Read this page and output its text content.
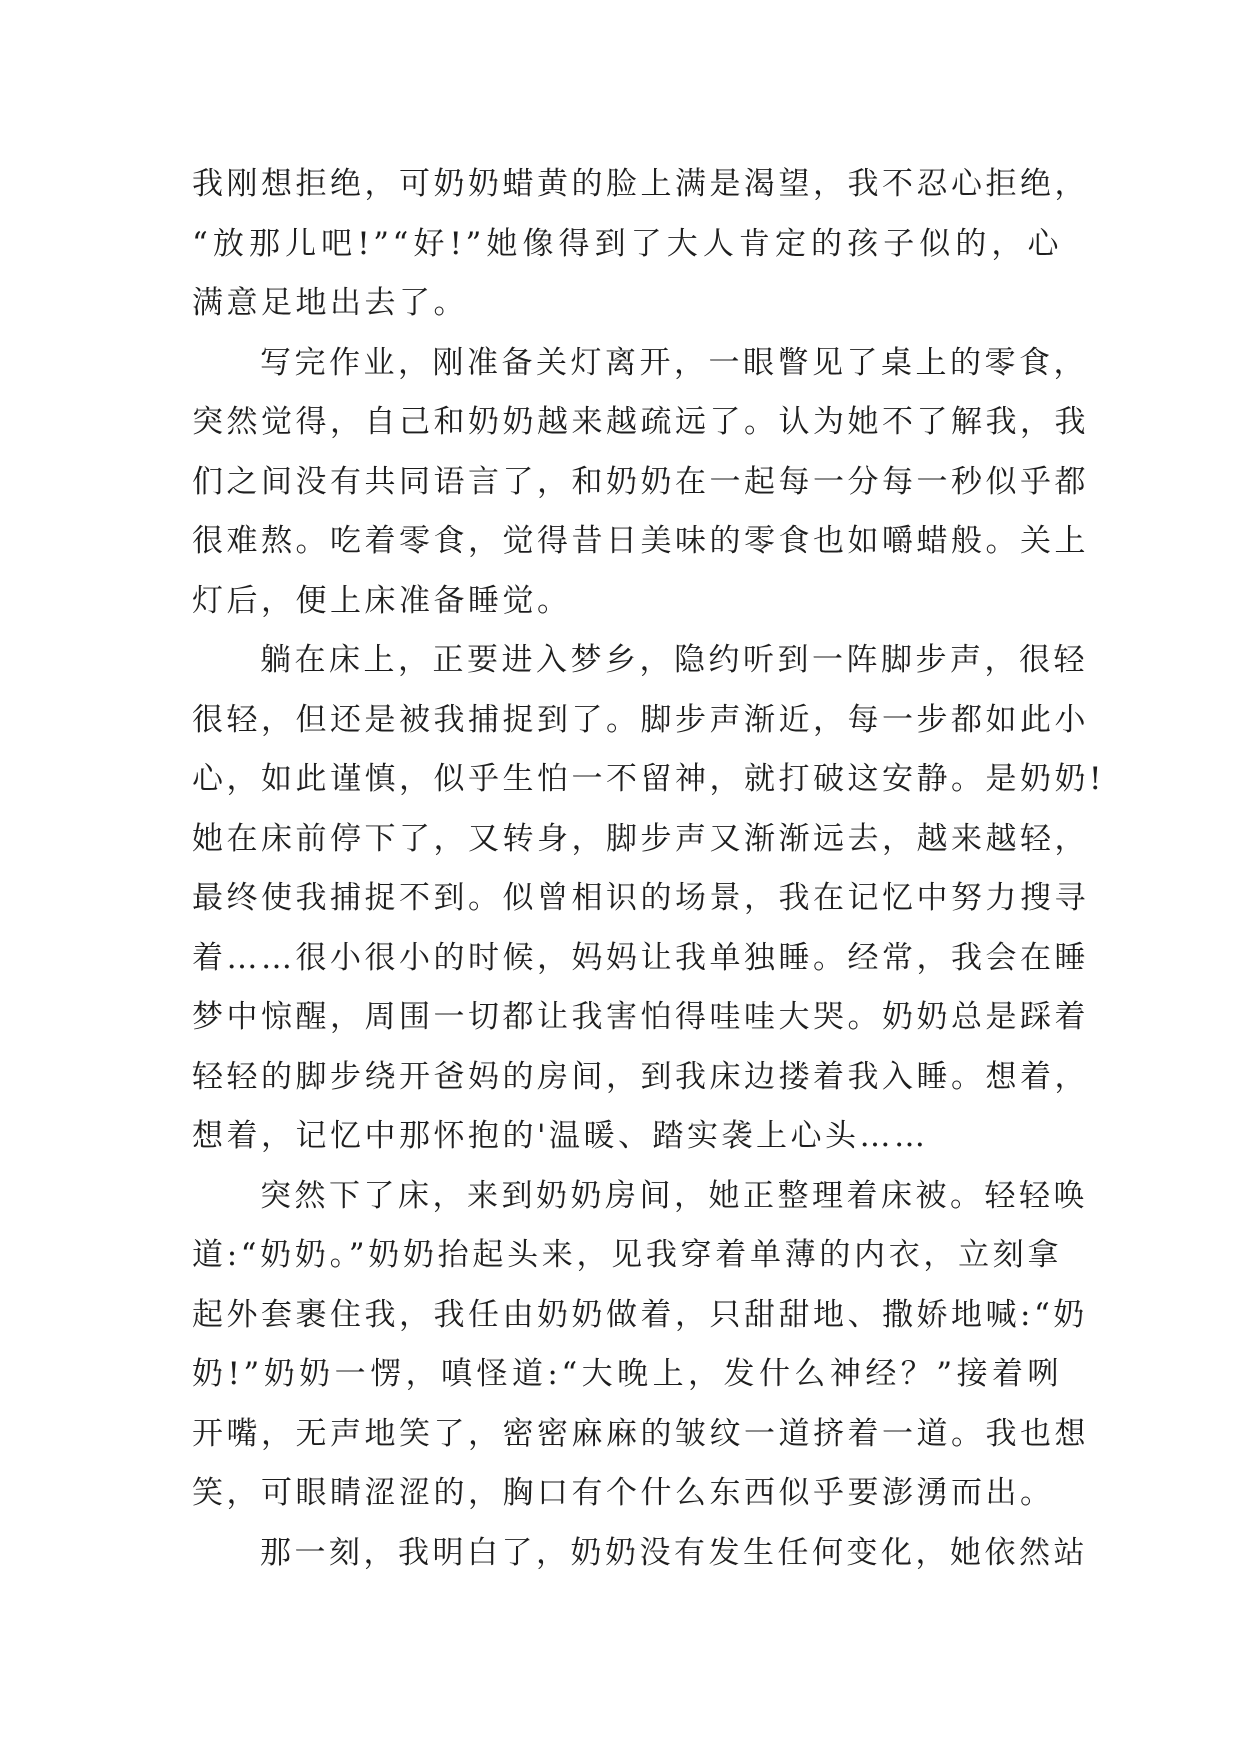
我刚想拒绝，可奶奶蜡黄的脸上满是渴望，我不忍心拒绝，
“放那儿吧!”“好!”她像得到了大人肯定的孩子似的，心
满意足地出去了。
写完作业，刚准备关灯离开，一眼瞥见了桌上的零食，
突然觉得，自己和奶奶越来越疏远了。认为她不了解我，我
们之间没有共同语言了，和奶奶在一起每一分每一秒似乎都
很难熬。吃着零食，觉得昔日美味的零食也如嚼蜡般。关上
灯后，便上床准备睡觉。
躺在床上，正要进入梦乡，隐约听到一阵脚步声，很轻
很轻，但还是被我捕捉到了。脚步声渐近，每一步都如此小
心，如此谨慎，似乎生怕一不留神，就打破这安静。是奶奶!
她在床前停下了，又转身，脚步声又渐渐远去，越来越轻，
最终使我捕捉不到。似曾相识的场景，我在记忆中努力搜寻
着……很小很小的时候，妈妈让我单独睡。经常，我会在睡
梦中惊醒，周围一切都让我害怕得哇哇大哭。奶奶总是踩着
轻轻的脚步绕开爸妈的房间，到我床边搂着我入睡。想着，
想着，记忆中那怀抱的'温暖、踏实袭上心头……
突然下了床，来到奶奶房间，她正整理着床被。轻轻唤
道:“奶奶。”奶奶抬起头来，见我穿着单薄的内衣，立刻拿
起外套裹住我，我任由奶奶做着，只甜甜地、撒娇地喊:“奶
奶!”奶奶一愣，嗔怪道:“大晚上，发什么神经？”接着咧
开嘴，无声地笑了，密密麻麻的皱纹一道挤着一道。我也想
笑，可眼睛涩涩的，胸口有个什么东西似乎要澎湧而出。
那一刻，我明白了，奶奶没有发生任何变化，她依然站
